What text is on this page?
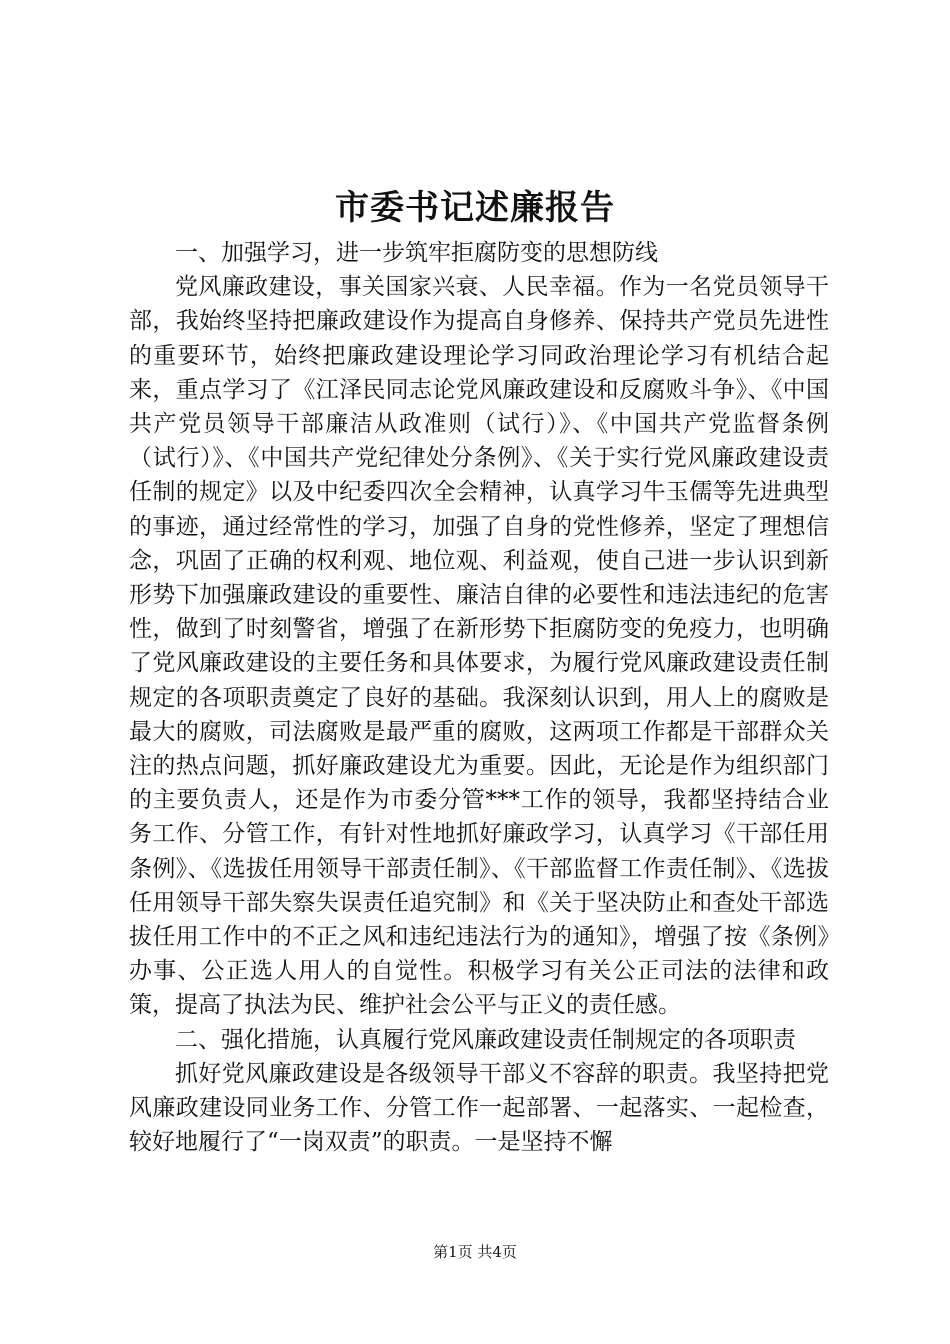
市委书记述廉报告

一、加强学习，进一步筑牢拒腐防变的思想防线

党风廉政建设，事关国家兴衰、人民幸福。作为一名党员领导干部，我始终坚持把廉政建设作为提高自身修养、保持共产党员先进性的重要环节，始终把廉政建设理论学习同政治理论学习有机结合起来，重点学习了《江泽民同志论党风廉政建设和反腐败斗争》、《中国共产党员领导干部廉洁从政准则（试行）》、《中国共产党监督条例（试行）》、《中国共产党纪律处分条例》、《关于实行党风廉政建设责任制的规定》以及中纪委四次全会精神，认真学习牛玉儒等先进典型的事迹，通过经常性的学习，加强了自身的党性修养，坚定了理想信念，巩固了正确的权利观、地位观、利益观，使自己进一步认识到新形势下加强廉政建设的重要性、廉洁自律的必要性和违法违纪的危害性，做到了时刻警省，增强了在新形势下拒腐防变的免疫力，也明确了党风廉政建设的主要任务和具体要求，为履行党风廉政建设责任制规定的各项职责奠定了良好的基础。我深刻认识到，用人上的腐败是最大的腐败，司法腐败是最严重的腐败，这两项工作都是干部群众关注的热点问题，抓好廉政建设尤为重要。因此，无论是作为组织部门的主要负责人，还是作为市委分管***工作的领导，我都坚持结合业务工作、分管工作，有针对性地抓好廉政学习，认真学习《干部任用条例》、《选拔任用领导干部责任制》、《干部监督工作责任制》、《选拔任用领导干部失察失误责任追究制》和《关于坚决防止和查处干部选拔任用工作中的不正之风和违纪违法行为的通知》，增强了按《条例》办事、公正选人用人的自觉性。积极学习有关公正司法的法律和政策，提高了执法为民、维护社会公平与正义的责任感。

二、强化措施，认真履行党风廉政建设责任制规定的各项职责

抓好党风廉政建设是各级领导干部义不容辞的职责。我坚持把党风廉政建设同业务工作、分管工作一起部署、一起落实、一起检查，较好地履行了“一岗双责”的职责。一是坚持不懈

第1页 共4页
